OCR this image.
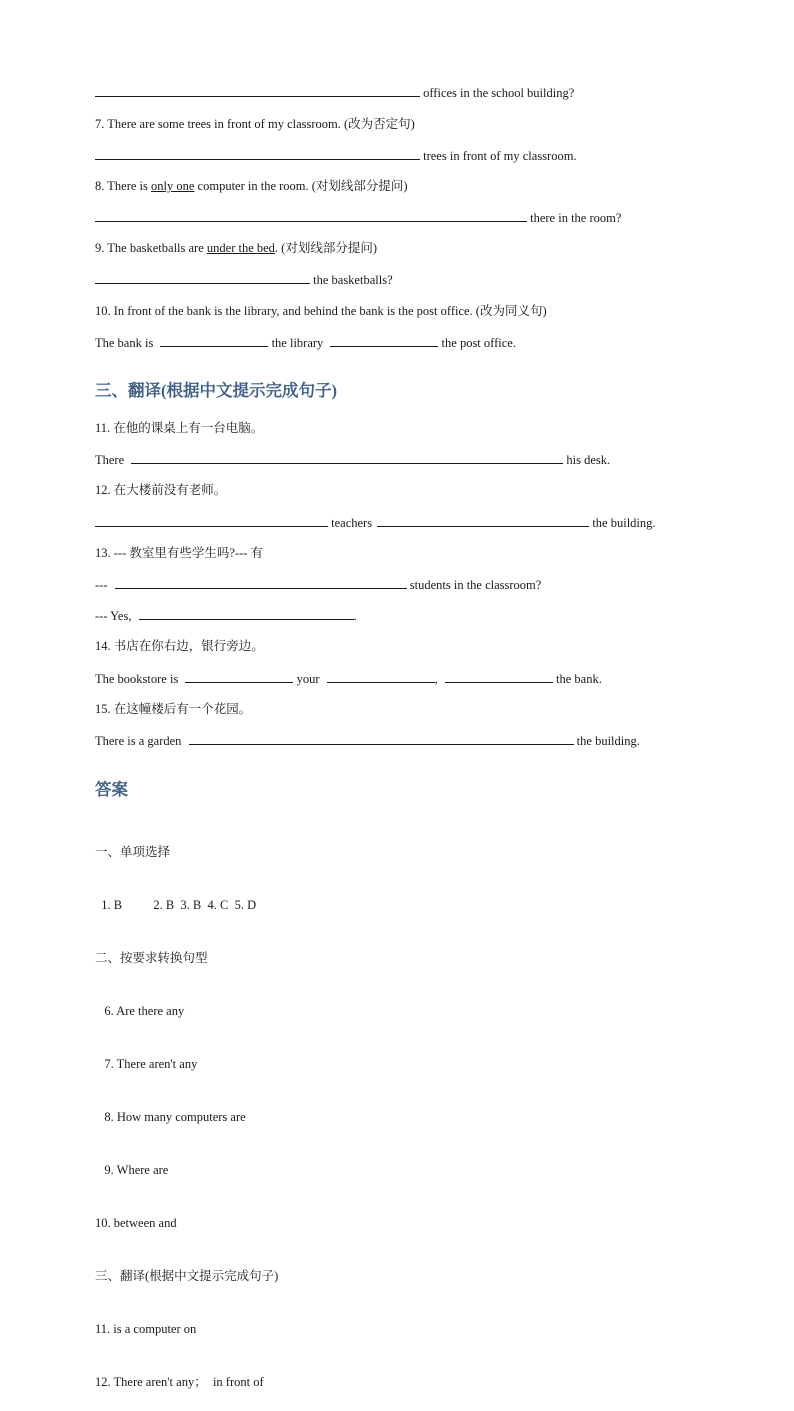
offices in the school building?
7. There are some trees in front of my classroom. (改为否定句)
trees in front of my classroom.
8. There is only one computer in the room. (对划线部分提问)
there in the room?
9. The basketballs are under the bed. (对划线部分提问)
the basketballs?
10. In front of the bank is the library, and behind the bank is the post office. (改为同义句)
The bank is	the library	the post office.
三、翻译(根据中文提示完成句子)
11. 在他的课桌上有一台电脑。
There	his desk.
12. 在大楼前没有老师。
teachers	the building.
13. --- 教室里有些学生吗?--- 有
---	students in the classroom?
--- Yes,	.
14. 书店在你右边，银行旁边。
The bookstore is	your	,	the bank.
15. 在这幢楼后有一个花园。
There is a garden	the building.
答案

一、单项选择

1. B          2. B  3. B  4. C  5. D

二、按要求转换句型

6. Are there any

7. There aren't any

8. How many computers are

9. Where are

10. between and

三、翻译(根据中文提示完成句子)

11. is a computer on

12. There aren't any；  in front of
